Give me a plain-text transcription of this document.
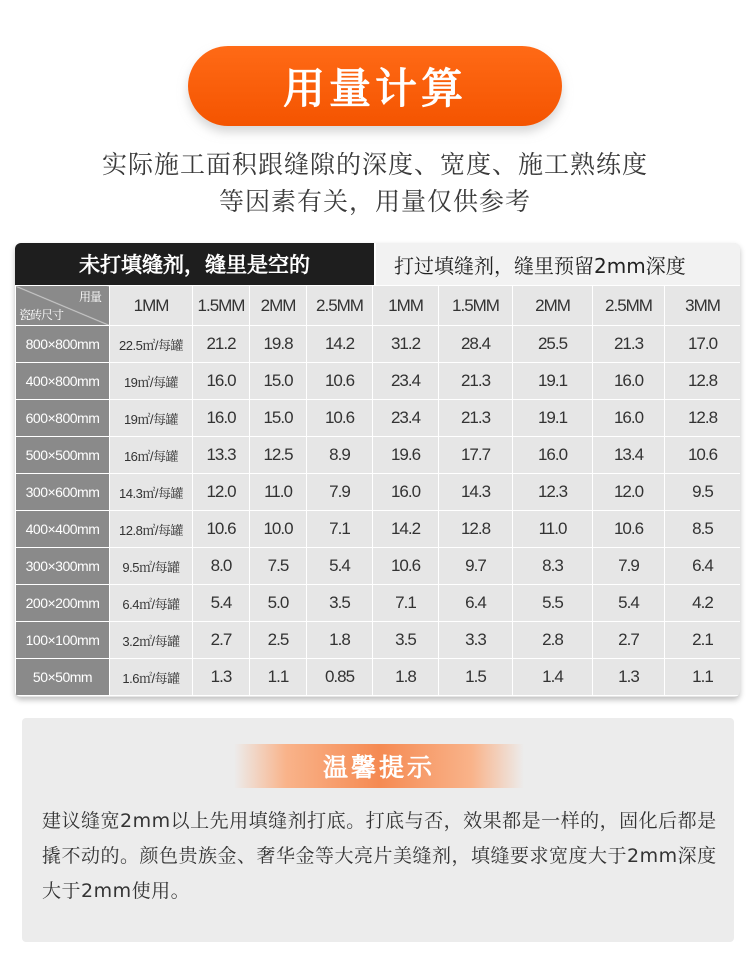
用量计算
实际施工面积跟缝隙的深度、宽度、施工熟练度
等因素有关，用量仅供参考
未打填缝剂，缝里是空的	打过填缝剂，缝里预留2mm深度
用量
瓷砖尺寸	1MM	1.5MM	2MM	2.5MM	1MM	1.5MM	2MM	2.5MM	3MM
800×800mm	22.5㎡/每罐	21.2	19.8	14.2	31.2	28.4	25.5	21.3	17.0
400×800mm	19㎡/每罐	16.0	15.0	10.6	23.4	21.3	19.1	16.0	12.8
600×800mm	19㎡/每罐	16.0	15.0	10.6	23.4	21.3	19.1	16.0	12.8
500×500mm	16㎡/每罐	13.3	12.5	8.9	19.6	17.7	16.0	13.4	10.6
300×600mm	14.3㎡/每罐	12.0	11.0	7.9	16.0	14.3	12.3	12.0	9.5
400×400mm	12.8㎡/每罐	10.6	10.0	7.1	14.2	12.8	11.0	10.6	8.5
300×300mm	9.5㎡/每罐	8.0	7.5	5.4	10.6	9.7	8.3	7.9	6.4
200×200mm	6.4㎡/每罐	5.4	5.0	3.5	7.1	6.4	5.5	5.4	4.2
100×100mm	3.2㎡/每罐	2.7	2.5	1.8	3.5	3.3	2.8	2.7	2.1
50×50mm	1.6㎡/每罐	1.3	1.1	0.85	1.8	1.5	1.4	1.3	1.1
温馨提示
建议缝宽2mm以上先用填缝剂打底。打底与否，效果都是一样的，固化后都是撬不动的。颜色贵族金、奢华金等大亮片美缝剂，填缝要求宽度大于2mm深度大于2mm使用。
